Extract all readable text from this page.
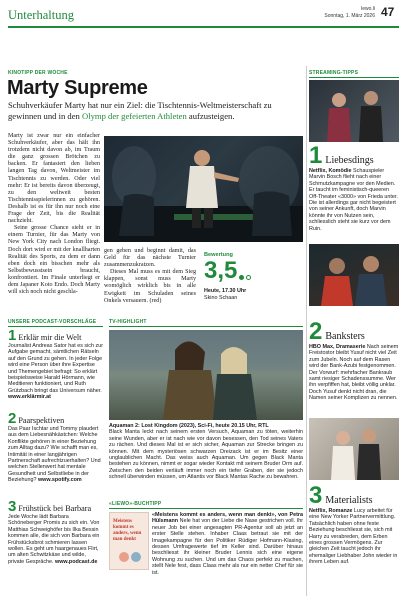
Unterhaltung	lewo.li
Sonntag, 1. März 2026 47
KINOTIPP DER WOCHE
Marty Supreme
Schuhverkäufer Marty hat nur ein Ziel: die Tischtennis-Weltmeisterschaft zu gewinnen und in den Olymp der gefeierten Athleten aufzusteigen.

Marty ist zwar nur ein einfacher Schuhverkäufer, aber das hält ihn trotzdem nicht davon ab, im Traum die ganz grossen Brötchen zu backen. Er fantasiert den lieben langen Tag davon, Weltmeister im Tischtennis zu werden. Oder viel mehr: Er ist bereits davon überzeugt, zu den weltweit besten Tischtennisspielerinnen zu gehören. Deshalb ist es für ihn nur noch eine Frage der Zeit, bis die Realität nachzieht.

Seine grosse Chance sieht er in einem Turnier, für das Marty von New York City nach London fliegt. Doch dort wird er mit der knallharten Realität des Sports, zu dem er dann eben doch ein bisschen mehr als Selbstbewusstsein braucht, konfrontiert. Im Finale unterliegt er dem Japaner Koto Endo. Doch Marty will sich noch nicht geschla-

gen geben und beginnt damit, das Geld für das nächste Turnier zusammenzukratzen.

Dieses Mal muss es mit dem Sieg klappen, sonst muss Marty womöglich wirklich bis in alle Ewigkeit im Schuladen seines Onkels versauern. (red)

Bewertung
3,5
Heute, 17.30 Uhr
Skino Schaan
UNSERE PODCAST-VORSCHLÄGE
1 Erklär mir die Welt
Journalist Andreas Sator hat es sich zur Aufgabe gemacht, sämtlichen Rätseln auf den Grund zu gehen. In jeder Folge wird eine Person über ihre Expertise und Themengebiet befragt: So erklärt beispielsweise Harald Hörmann, wie Meditieren funktioniert, und Ruth Grützbach bringt das Universum näher. www.erklärmir.at
2 Paarspektiven
Das Paar Ischtar und Tommy plaudert aus dem Liebesnähkästchen: Welche Konflikte gehören in einer Beziehung zum Alltag dazu? Wie schafft man es, Intimität in einer langjährigen Partnerschaft aufrechtzuerhalten? Und welchen Stellenwert hat mentale Gesundheit und Selbstliebe in der Beziehung? www.spotify.com
3 Frühstück bei Barbara
Jede Woche lädt Barbara Schöneberger Promis zu sich ein. Von Matthias Schweighöfer bis Ilka Bessin kommen alle, die sich von Barbara ein Frühstücksbrot schmieren lassen wollen. Es geht um haargenaues Flirt, um alten Schwitzkäse und wilde, private Gespräche. www.podcast.de
TV-HIGHLIGHT
Aquaman 2: Lost Kingdom (2023), Sci-Fi, heute 20.15 Uhr, RTL
Black Manta leckt nach seinem ersten Versuch, Aquaman zu töten, weiterhin seine Wunden, aber er ist nach wie vor davon besessen, den Tod seines Vaters zu rächen. Und dieses Mal ist er sich sicher, Aquaman zur Strecke bringen zu können. Mit dem mysteriösen schwarzen Dreizack ist er im Besitz einer unglaublichen Macht. Das weiss auch Aquaman. Um gegen Black Manta bestehen zu können, nimmt er sogar wieder Kontakt mit seinem Bruder Orm auf. Zwischen den beiden verläuft immer noch ein tiefer Graben, der sie jedoch schnell überwinden müssen, um Atlantis vor Black Mantas Rache zu bewahren.
«LIEWO»-BUCHTIPP
Meistens kommt es anders, wenn man denkt
«Meistens kommt es anders, wenn man denkt», von Petra Hülsmann Nele hat von der Liebe die Nase gestrichen voll. Ihr neuer Job bei einer angesagten PR-Agentur soll ab jetzt an erster Stelle stehen. Inhaber Claas betraut sie mit der Imagekampagne für den Politiker Rüdiger Hofmann-Klasing, dessen Umfragewerte tief im Keller sind. Darüber hinaus beschliesst ihr kleiner Bruder Lennis sich eine eigene Wohnung zu suchen. Und um das Chaos perfekt zu machen, stellt Nele fest, dass Claas mehr als nur ein netter Chef für sie ist.
STREAMING-TIPPS
1 Liebesdings
Netflix, Komödie Schauspieler Marvin Bosch flieht nach einer Schmutzkampagne vor den Medien. Er taucht im feministisch-queeren Off-Theater «3000» von Frieda unter. Die ist allerdings gar nicht begeistert von seiner Ankunft, doch Marvin könnte ihr von Nutzen sein, schliesslich steht sie kurz vor dem Ruin.
2 Banksters
HBO Max, Dramaserie Nach seinem Freistostor bleibt Yusuf nicht viel Zeit zum Jubeln. Noch auf dem Rasen wird der Bank-Azubi festgenommen. Der Vorwurf: mehrfacher Bankraub samt riesiger Schadenssumme. Wer ihn verpfiffen hat, bleibt völlig unklar. Doch Yusuf denkt nicht dran, die Namen seiner Komplizen zu nennen.
3 Materialists
Netflix, Romanze Lucy arbeitet für eine New Yorker Partnervermittlung. Tatsächlich haben ohne feste Beziehung beschliesst sie, sich mit Harry zu verabreden, dem Erben eines grossen Vermögens. Zur gleichen Zeit taucht jedoch ihr ehemaliger Liebhaber John wieder in ihrem Leben auf.
